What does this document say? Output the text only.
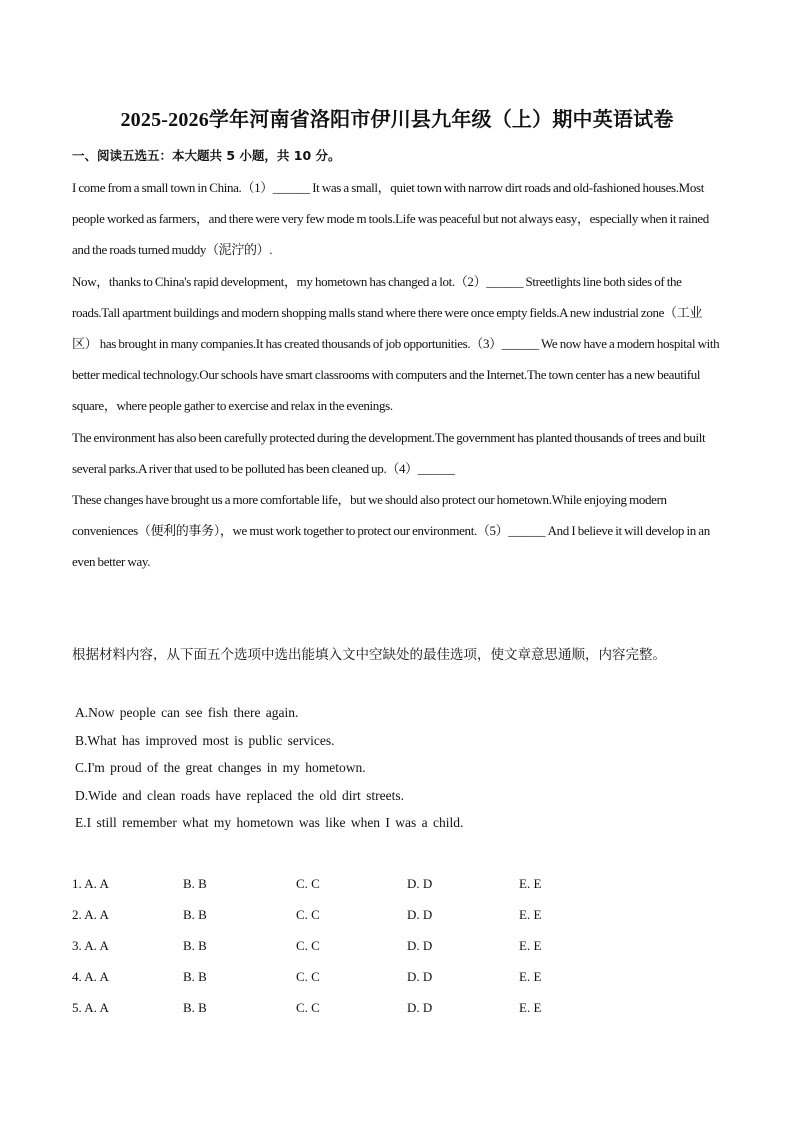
2025-2026学年河南省洛阳市伊川县九年级（上）期中英语试卷
一、阅读五选五：本大题共 5 小题，共 10 分。

I come from a small town in China.（1）______ It was a small，quiet town with narrow dirt roads and old-fashioned houses.Most people worked as farmers，and there were very few mode m tools.Life was peaceful but not always easy，especially when it rained and the roads turned muddy（泥泞的）.

Now，thanks to China's rapid development，my hometown has changed a lot.（2）______ Streetlights line both sides of the roads.Tall apartment buildings and modern shopping malls stand where there were once empty fields.A new industrial zone（工业区） has brought in many companies.It has created thousands of job opportunities.（3）______ We now have a modern hospital with better medical technology.Our schools have smart classrooms with computers and the Internet.The town center has a new beautiful square，where people gather to exercise and relax in the evenings.

The environment has also been carefully protected during the development.The government has planted thousands of trees and built several parks.A river that used to be polluted has been cleaned up.（4）______

These changes have brought us a more comfortable life，but we should also protect our hometown.While enjoying modern conveniences（便利的事务），we must work together to protect our environment.（5）______ And I believe it will develop in an even better way.

根据材料内容，从下面五个选项中选出能填入文中空缺处的最佳选项，使文章意思通顺，内容完整。
A.Now people can see fish there again.
B.What has improved most is public services.
C.I'm proud of the great changes in my hometown.
D.Wide and clean roads have replaced the old dirt streets.
E.I still remember what my hometown was like when I was a child.
1. A. A	B. B	C. C	D. D	E. E
2. A. A	B. B	C. C	D. D	E. E
3. A. A	B. B	C. C	D. D	E. E
4. A. A	B. B	C. C	D. D	E. E
5. A. A	B. B	C. C	D. D	E. E
